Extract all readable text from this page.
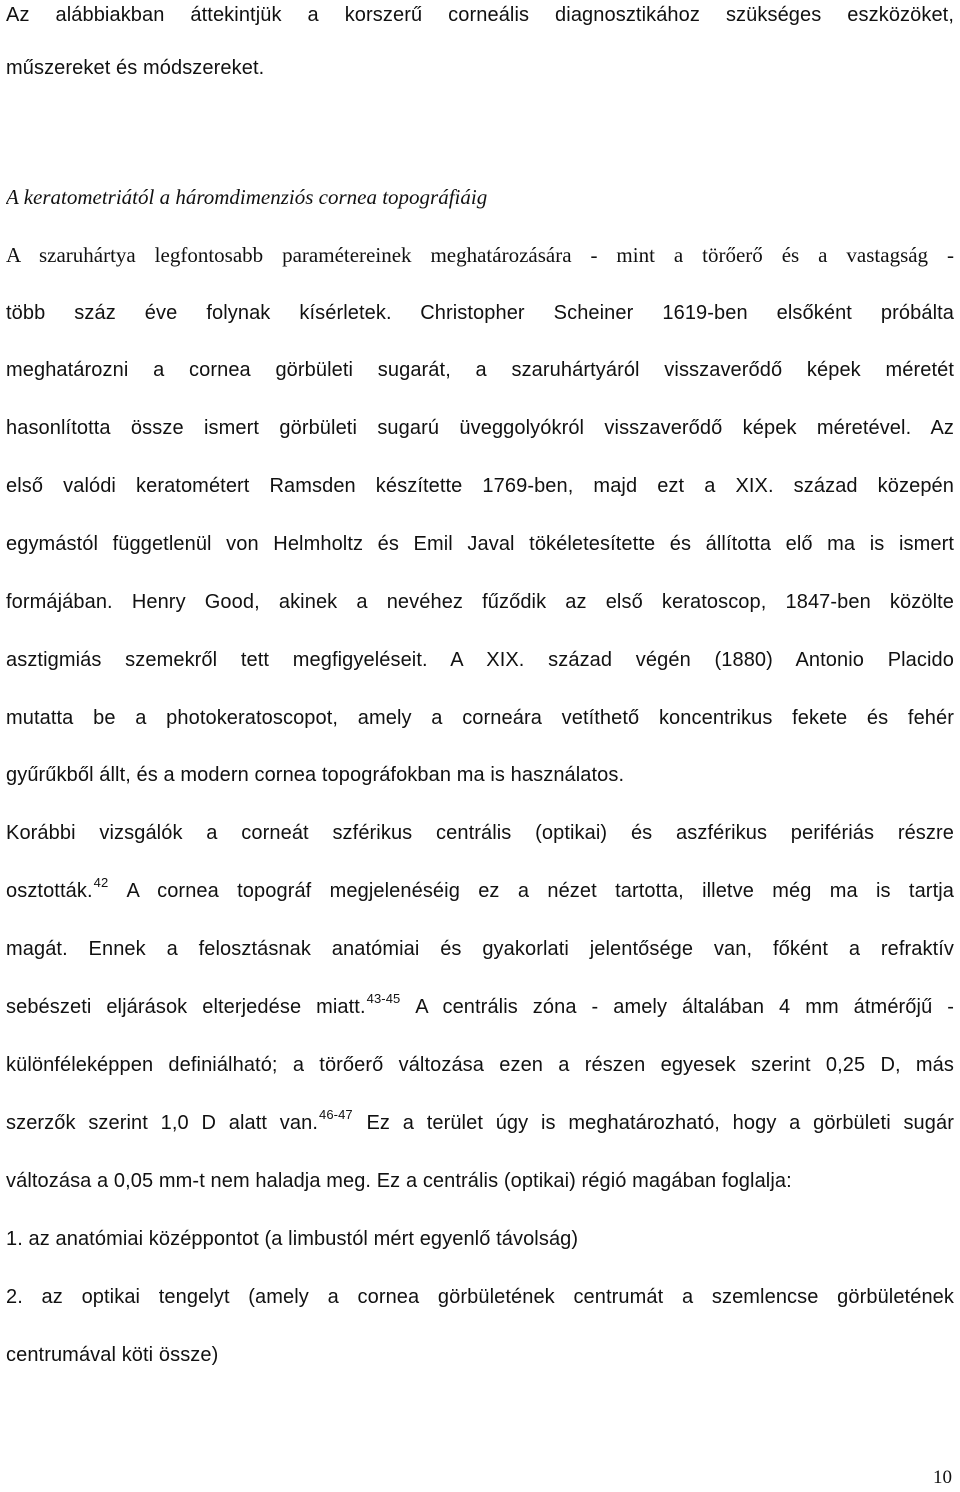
Az alábbiakban áttekintjük a korszerű corneális diagnosztikához szükséges eszközöket,
műszereket és módszereket.
A keratometriától a háromdimenziós cornea topográfiáig
A szaruhártya legfontosabb paramétereinek meghatározására - mint a törőerő és a vastagság -
több száz éve folynak kísérletek. Christopher Scheiner 1619-ben elsőként próbálta
meghatározni a cornea görbületi sugarát, a szaruhártyáról visszaverődő képek méretét
hasonlította össze ismert görbületi sugarú üveggolyókról visszaverődő képek méretével. Az
első valódi keratométert Ramsden készítette 1769-ben, majd ezt a XIX. század közepén
egymástól függetlenül von Helmholtz és Emil Javal tökéletesítette és állította elő ma is ismert
formájában. Henry Good, akinek a nevéhez fűződik az első keratoscop, 1847-ben közölte
asztigmiás szemekről tett megfigyeléseit. A XIX. század végén (1880) Antonio Placido
mutatta be a photokeratoscopot, amely a corneára vetíthető koncentrikus fekete és fehér
gyűrűkből állt, és a modern cornea topográfokban ma is használatos.
Korábbi vizsgálók a corneát szférikus centrális (optikai) és aszférikus perifériás részre
osztották.$^{42}$ A cornea topográf megjelenéséig ez a nézet tartotta, illetve még ma is tartja
magát. Ennek a felosztásnak anatómiai és gyakorlati jelentősége van, főként a refraktív
sebészeti eljárások elterjedése miatt.$^{43-45}$ A centrális zóna - amely általában 4 mm átmérőjű -
különféleképpen definiálható; a törőerő változása ezen a részen egyesek szerint 0,25 D, más
szerzők szerint 1,0 D alatt van.$^{46-47}$ Ez a terület úgy is meghatározható, hogy a görbületi sugár
változása a 0,05 mm-t nem haladja meg. Ez a centrális (optikai) régió magában foglalja:
1. az anatómiai középpontot (a limbustól mért egyenlő távolság)
2. az optikai tengelyt (amely a cornea görbületének centrumát a szemlencse görbületének
centrumával köti össze)
10
